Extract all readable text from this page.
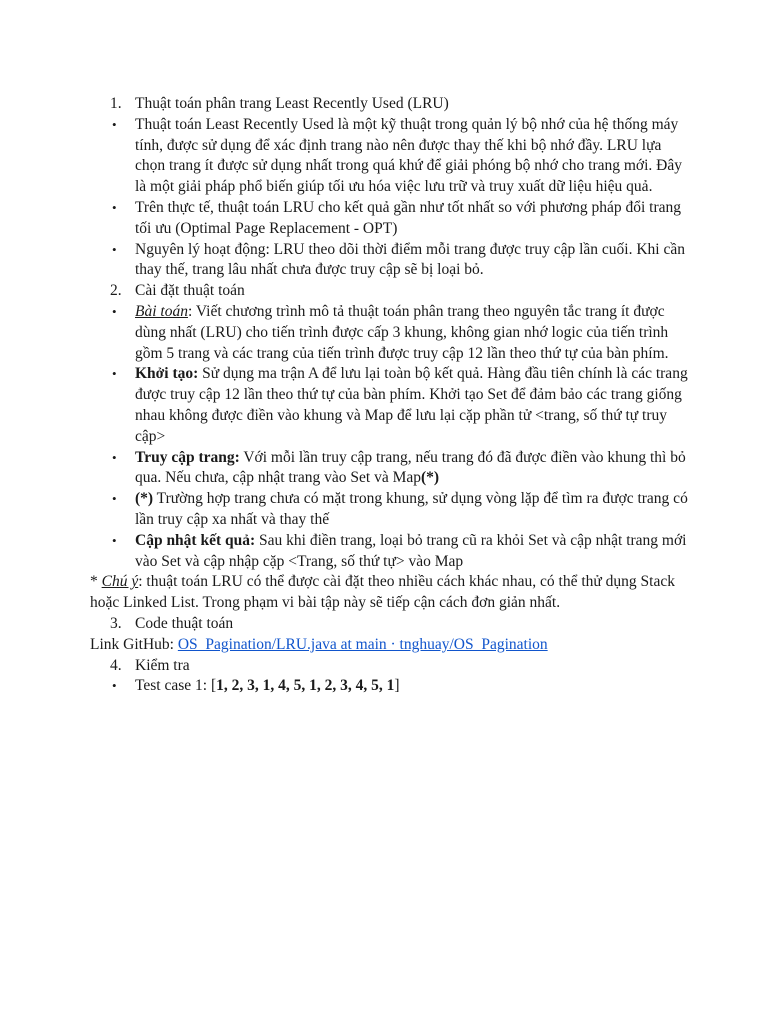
1. Thuật toán phân trang Least Recently Used (LRU)
• Thuật toán Least Recently Used là một kỹ thuật trong quản lý bộ nhớ của hệ thống máy tính, được sử dụng để xác định trang nào nên được thay thế khi bộ nhớ đầy. LRU lựa chọn trang ít được sử dụng nhất trong quá khứ để giải phóng bộ nhớ cho trang mới. Đây là một giải pháp phổ biến giúp tối ưu hóa việc lưu trữ và truy xuất dữ liệu hiệu quả.
• Trên thực tế, thuật toán LRU cho kết quả gần như tốt nhất so với phương pháp đổi trang tối ưu (Optimal Page Replacement - OPT)
• Nguyên lý hoạt động: LRU theo dõi thời điểm mỗi trang được truy cập lần cuối. Khi cần thay thế, trang lâu nhất chưa được truy cập sẽ bị loại bỏ.
2. Cài đặt thuật toán
• Bài toán: Viết chương trình mô tả thuật toán phân trang theo nguyên tắc trang ít được dùng nhất (LRU) cho tiến trình được cấp 3 khung, không gian nhớ logic của tiến trình gồm 5 trang và các trang của tiến trình được truy cập 12 lần theo thứ tự của bàn phím.
• Khởi tạo: Sử dụng ma trận A để lưu lại toàn bộ kết quả. Hàng đầu tiên chính là các trang được truy cập 12 lần theo thứ tự của bàn phím. Khởi tạo Set để đảm bảo các trang giống nhau không được điền vào khung và Map để lưu lại cặp phần tử <trang, số thứ tự truy cập>
• Truy cập trang: Với mỗi lần truy cập trang, nếu trang đó đã được điền vào khung thì bỏ qua. Nếu chưa, cập nhật trang vào Set và Map(*)
• (*) Trường hợp trang chưa có mặt trong khung, sử dụng vòng lặp để tìm ra được trang có lần truy cập xa nhất và thay thế
• Cập nhật kết quả: Sau khi điền trang, loại bỏ trang cũ ra khỏi Set và cập nhật trang mới vào Set và cập nhập cặp <Trang, số thứ tự> vào Map
* Chú ý: thuật toán LRU có thể được cài đặt theo nhiều cách khác nhau, có thể thử dụng Stack hoặc Linked List. Trong phạm vi bài tập này sẽ tiếp cận cách đơn giản nhất.
3. Code thuật toán
Link GitHub: OS_Pagination/LRU.java at main · tnghuay/OS_Pagination
4. Kiểm tra
• Test case 1: [1, 2, 3, 1, 4, 5, 1, 2, 3, 4, 5, 1]
